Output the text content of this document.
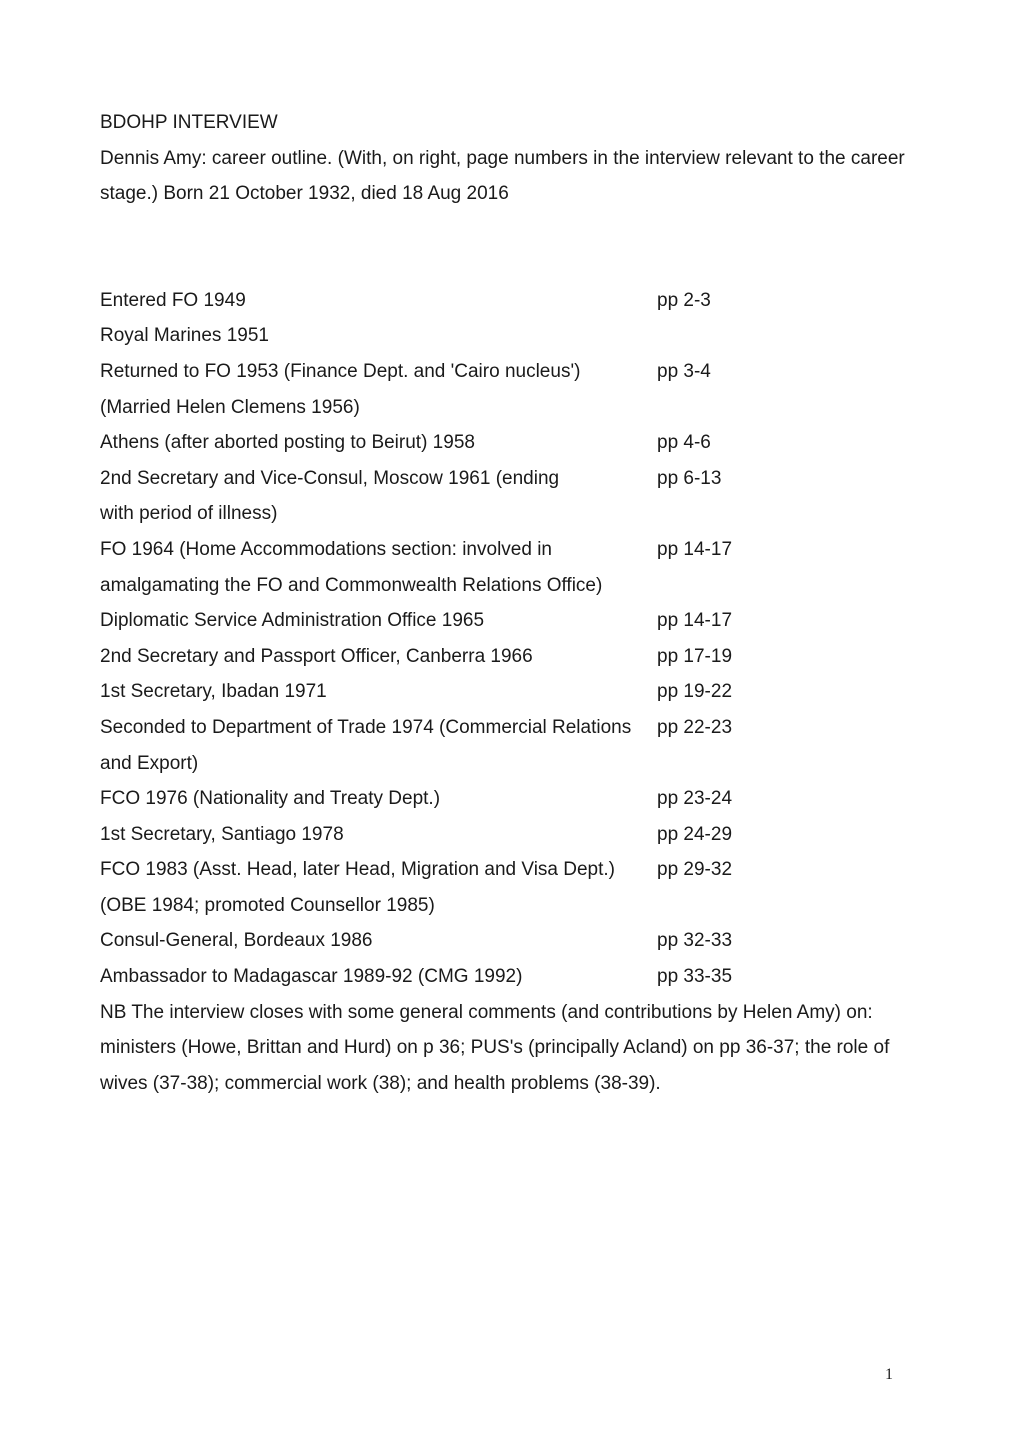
BDOHP INTERVIEW
Dennis Amy: career outline. (With, on right, page numbers in the interview relevant to the career
stage.) Born 21 October 1932, died 18 Aug 2016
Entered FO 1949	pp 2-3
Royal Marines 1951
Returned to FO 1953 (Finance Dept. and 'Cairo nucleus')	pp 3-4
(Married Helen Clemens 1956)
Athens (after aborted posting to Beirut) 1958	pp 4-6
2nd Secretary and Vice-Consul, Moscow 1961 (ending	pp 6-13
with period of illness)
FO 1964 (Home Accommodations section: involved in	pp 14-17
amalgamating the FO and Commonwealth Relations Office)
Diplomatic Service Administration Office 1965	pp 14-17
2nd Secretary and Passport Officer, Canberra 1966	pp 17-19
1st Secretary, Ibadan 1971	pp 19-22
Seconded to Department of Trade 1974 (Commercial Relations	pp 22-23
and Export)
FCO 1976 (Nationality and Treaty Dept.)	pp 23-24
1st Secretary, Santiago 1978	pp 24-29
FCO 1983 (Asst. Head, later Head, Migration and Visa Dept.)	pp 29-32
(OBE 1984; promoted Counsellor 1985)
Consul-General, Bordeaux 1986	pp 32-33
Ambassador to Madagascar 1989-92 (CMG 1992)	pp 33-35
NB The interview closes with some general comments (and contributions by Helen Amy) on:
ministers (Howe, Brittan and Hurd) on p 36; PUS's (principally Acland) on pp 36-37; the role of
wives (37-38); commercial work (38); and health problems (38-39).
1
